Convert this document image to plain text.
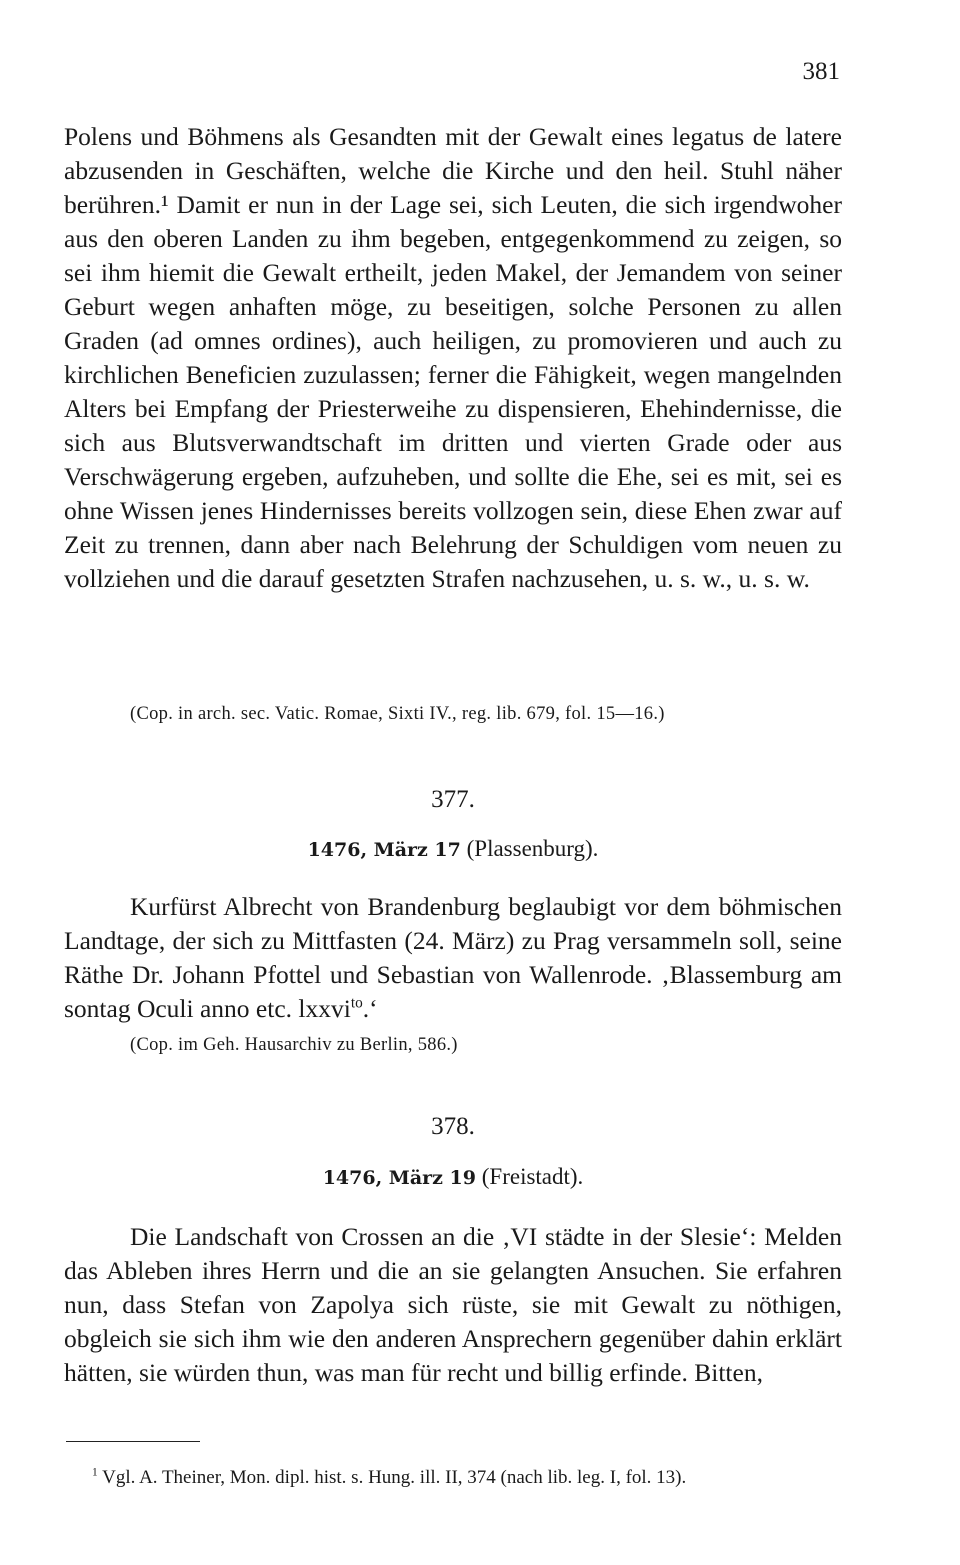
381

Polens und Böhmens als Gesandten mit der Gewalt eines legatus de latere abzusenden in Geschäften, welche die Kirche und den heil. Stuhl näher berühren.¹ Damit er nun in der Lage sei, sich Leuten, die sich irgendwoher aus den oberen Landen zu ihm begeben, entgegenkommend zu zeigen, so sei ihm hiemit die Gewalt ertheilt, jeden Makel, der Jemandem von seiner Geburt wegen anhaften möge, zu beseitigen, solche Personen zu allen Graden (ad omnes ordines), auch heiligen, zu promovieren und auch zu kirchlichen Beneficien zuzulassen; ferner die Fähigkeit, wegen mangelnden Alters bei Empfang der Priesterweihe zu dispensieren, Ehehindernisse, die sich aus Blutsverwandtschaft im dritten und vierten Grade oder aus Verschwägerung ergeben, aufzuheben, und sollte die Ehe, sei es mit, sei es ohne Wissen jenes Hindernisses bereits vollzogen sein, diese Ehen zwar auf Zeit zu trennen, dann aber nach Belehrung der Schuldigen vom neuen zu vollziehen und die darauf gesetzten Strafen nachzusehen, u. s. w., u. s. w.

(Cop. in arch. sec. Vatic. Romae, Sixti IV., reg. lib. 679, fol. 15—16.)
377.
1476, März 17 (Plassenburg).

Kurfürst Albrecht von Brandenburg beglaubigt vor dem böhmischen Landtage, der sich zu Mittfasten (24. März) zu Prag versammeln soll, seine Räthe Dr. Johann Pfottel und Sebastian von Wallenrode. ‚Blassemburg am sontag Oculi anno etc. lxxvi$^{to}$.‘

(Cop. im Geh. Hausarchiv zu Berlin, 586.)
378.
1476, März 19 (Freistadt).

Die Landschaft von Crossen an die ‚VI städte in der Slesie‘: Melden das Ableben ihres Herrn und die an sie gelangten Ansuchen. Sie erfahren nun, dass Stefan von Zapolya sich rüste, sie mit Gewalt zu nöthigen, obgleich sie sich ihm wie den anderen Ansprechern gegenüber dahin erklärt hätten, sie würden thun, was man für recht und billig erfinde. Bitten,

$^1$ Vgl. A. Theiner, Mon. dipl. hist. s. Hung. ill. II, 374 (nach lib. leg. I, fol. 13).
